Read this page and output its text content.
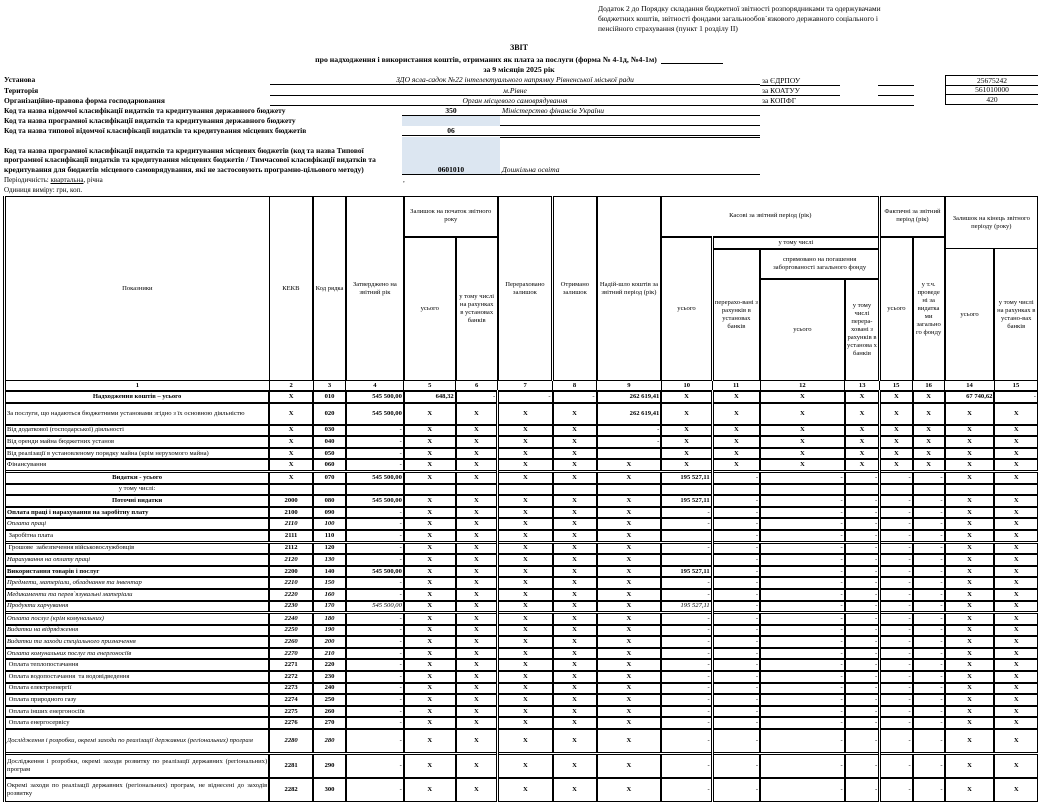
Додаток 2 до Порядку складання бюджетної звітності розпорядниками та одержувачами бюджетних коштів, звітності фондами загальнообов`язкового державного соціального і пенсійного страхування (пункт 1 розділу ІІ)
ЗВІТ
про надходження і використання коштів, отриманих як плата за послуги (форма № 4-1д, №4-1м)
за 9 місяців 2025 рік
Установа	ЗДО ясла-садок №22 інтелектуального напрямку Рівненської міської ради
Територія	м.Рівне
Організаційно-правова форма господарювання	Орган місцевого самоврядування
Код та назва відомчої класифікації видатків та кредитування державного бюджету	350	Міністерство фінансів України
Код та назва програмної класифікації видатків та кредитування державного бюджету
Код та назва типової відомчої класифікації видатків та кредитування місцевих бюджетів	06
Код та назва програмної класифікації видатків та кредитування місцевих бюджетів (код та назва Типової
програмної класифікації видатків та кредитування місцевих бюджетів / Тимчасової класифікації видатків та
кредитування для бюджетів місцевого самоврядування, які не застосовують програмно-цільового методу)	0601010	Дошкільна освіта
Періодичність: квартальна, річна	,
Одиниця виміру: грн, коп.
за ЄДРПОУ
за КОАТУУ
за КОПФГ
25675242
561010000
420
Показники	КЕКВ	Код рядка	Затверджено на звітний рік	Залишок на початок звітного року		Перераховано залишок	Отримано залишок	Надій-шло коштів за звітний період (рік)	Касові за звітний період (рік)				Фактичні за звітний період (рік)		Залишок на кінець звітного періоду (року)	
				усього	у тому числі на рахунках в установах банків				усього	у тому числі			усього	у т.ч. проведе ні за видатка ми загально го фонду		
										перерахо-вані з рахунків в установах банків	спрямовано на погашення заборгованості загального фонду				усього	у тому числі на рахунках в устано-вах банків
											усього	у тому числі перера-ховані з рахунків в установа х банків				
1	2	3	4	5	6	7	8	9	10	11	12	13	15	16	14	15
Надходження коштів – усього	X	010	545 500,00	648,32	-	-	-	262 619,41	X	X	X	X	X	X	67 740,62	-
За послуги, що надаються бюджетними установами згідно з їх основною діяльністю	X	020	545 500,00	X	X	X	X	262 619,41	X	X	X	X	X	X	X	X
Від додаткової (господарської) діяльності	X	030	-	X	X	X	X	-	X	X	X	X	X	X	X	X
Від оренди майна бюджетних установ	X	040	-	X	X	X	X	-	X	X	X	X	X	X	X	X
Від реалізації в установленому порядку майна (крім нерухомого майна)	X	050	-	X	X	X	X		X	X	X	X	X	X	X	X
Фінансування	X	060	-	X	X	X	X	X	X	X	X	X	X	X	X	X
Видатки - усього	X	070	545 500,00	X	X	X	X	X	195 527,11	-	-	-	-	-	X	X
у тому числі:																
Поточні видатки	2000	080	545 500,00	X	X	X	X	X	195 527,11	-	-	-	-	-	X	X
Оплата праці і нарахування на заробітну плату	2100	090	-	X	X	X	X	X	-	-	-	-	-	-	X	X
Оплата праці	2110	100	-	X	X	X	X	X	-	-	-	-	-	-	X	X
Заробітна плата	2111	110	-	X	X	X	X	X		-	-	-	-	-	X	X
Грошове  забезпечення військовослужбовців	2112	120	-	X	X	X	X	X	-	-	-	-	-	-	X	X
Нарахування на оплату праці	2120	130	-	X	X	X	X	X		-	-	-	-	-	X	X
Використання товарів і послуг	2200	140	545 500,00	X	X	X	X	X	195 527,11	-	-	-	-	-	X	X
Предмети, матеріали, обладнання та інвентар	2210	150	-	X	X	X	X	X	-	-	-	-	-	-	X	X
Медикаменти та перев`язувальні матеріали	2220	160	-	X	X	X	X	X	-	-	-	-	-	-	X	X
Продукти харчування	2230	170	545 500,00	X	X	X	X	X	195 527,11	-	-	-	-	-	X	X
Оплата послуг (крім комунальних)	2240	180	-	X	X	X	X	X	-	-	-	-	-	-	X	X
Видатки на відрядження	2250	190	-	X	X	X	X	X	-	-	-	-	-	-	X	X
Видатки та заходи спеціального призначення	2260	200	-	X	X	X	X	X	-	-	-	-	-	-	X	X
Оплата комунальних послуг та енергоносіїв	2270	210	-	X	X	X	X	X	-	-	-	-	-	-	X	X
Оплата теплопостачання	2271	220	-	X	X	X	X	X	-	-	-	-	-	-	X	X
Оплата водопостачання  та водовідведення	2272	230	-	X	X	X	X	X	-	-	-	-	-	-	X	X
Оплата електроенергії	2273	240	-	X	X	X	X	X	-	-	-	-	-	-	X	X
Оплата природного газу	2274	250	-	X	X	X	X	X	-	-	-	-	-	-	X	X
Оплата інших енергоносіїв	2275	260	-	X	X	X	X	X	-	-	-	-	-	-	X	X
Оплата енергосервісу	2276	270	-	X	X	X	X	X	-	-	-	-	-	-	X	X
Дослідження і розробки, окремі заходи по реалізації державних (регіональних) програм	2280	280	-	X	X	X	X	X	-	-	-	-	-	-	X	X
Дослідження і розробки, окремі заходи розвитку по реалізації державних (регіональних) програм	2281	290	-	X	X	X	X	X	-	-	-	-	-	-	X	X
Окремі заходи по реалізації державних (регіональних) програм, не віднесені до заходів розвитку	2282	300	-	X	X	X	X	X	-	-	-	-	-	-	X	X
